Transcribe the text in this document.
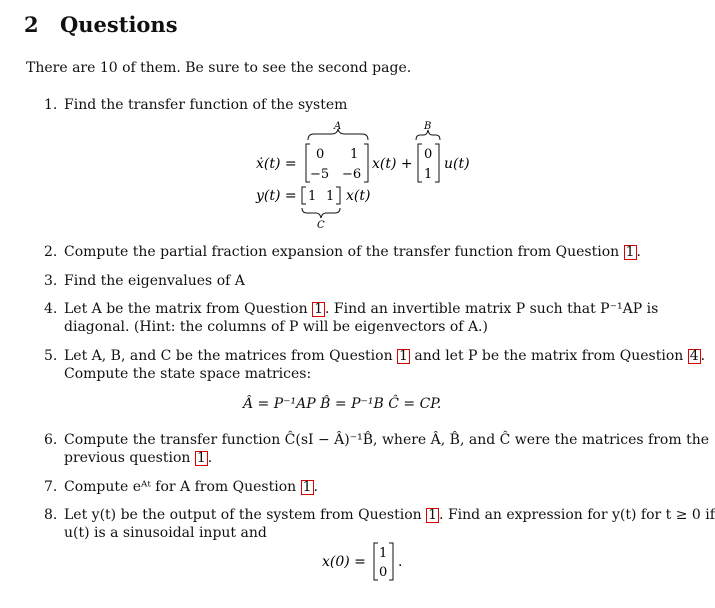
2 Questions
There are 10 of them. Be sure to see the second page.
1. Find the transfer function of the system
A	B
ẋ(t) =
0 1
−5 −6
x(t) +
0
1
u(t)
y(t) = 1 1 x(t)
C
2. Compute the partial fraction expansion of the transfer function from Question 1 .
3. Find the eigenvalues of A
4. Let A be the matrix from Question 1 . Find an invertible matrix P such that P⁻¹AP is
diagonal. (Hint: the columns of P will be eigenvectors of A.)
5. Let A, B, and C be the matrices from Question 1 and let P be the matrix from Question 4 .
Compute the state space matrices:
Â = P⁻¹AP B̂ = P⁻¹B Ĉ = CP.
6. Compute the transfer function Ĉ(sI − Â)⁻¹B̂, where Â, B̂, and Ĉ were the matrices from the
previous question 1 .
7. Compute eᴬᵗ for A from Question 1 .
8. Let y(t) be the output of the system from Question 1 . Find an expression for y(t) for t ≥ 0 if
u(t) is a sinusoidal input and
x(0) =
1
0
.
